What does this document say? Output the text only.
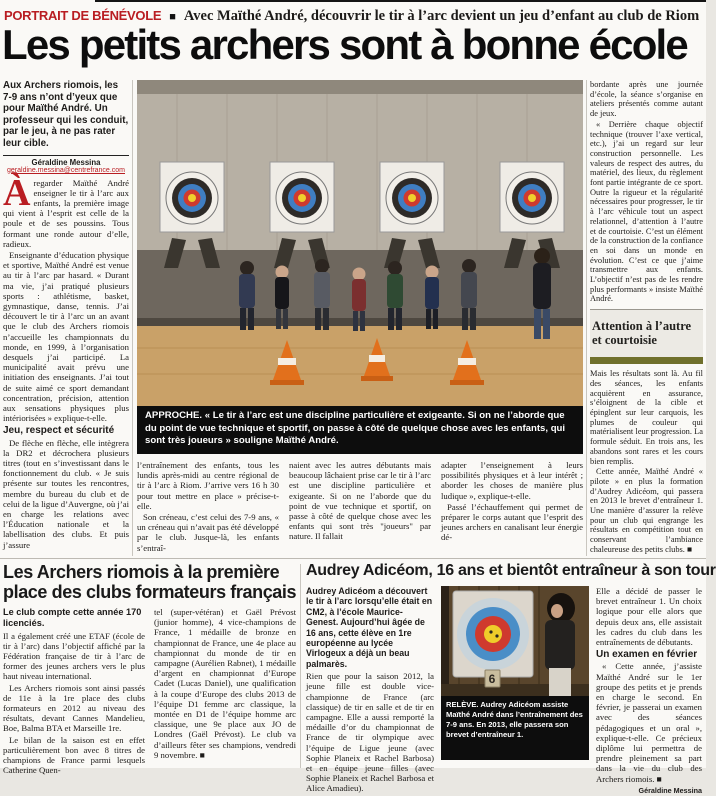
PORTRAIT DE BÉNÉVOLE ■ Avec Maïthé André, découvrir le tir à l’arc devient un jeu d’enfant au club de Riom
Les petits archers sont à bonne école
Aux Archers riomois, les 7-9 ans n’ont d’yeux que pour Maïthé André. Un professeur qui les conduit, par le jeu, à ne pas rater leur cible.
Géraldine Messina
geraldine.messina@centrefrance.com

Àregarder Maïthé André enseigner le tir à l’arc aux enfants, la première image qui vient à l’esprit est celle de la poule et de ses poussins. Tous formant une ronde autour d’elle, radieux.

Enseignante d’éducation physique et sportive, Maïthé André est venue au tir à l’arc par hasard. « Durant ma vie, j’ai pratiqué plusieurs sports : athlétisme, basket, gymnastique, danse, tennis. J’ai découvert le tir à l’arc un an avant que le club des Archers riomois n’accueille les championnats du monde, en 1999, à l’organisation desquels j’ai participé. La municipalité avait prévu une initiation des enseignants. J’ai tout de suite aimé ce sport demandant concentration, précision, attention aux sensations physiques plus intériorisées » explique-t-elle.

Jeu, respect et sécurité

De flèche en flèche, elle intègrera la DR2 et décrochera plusieurs titres (tout en s’investissant dans le fonctionnement du club. « Je suis présente sur toutes les rencontres, membre du bureau du club et de celui de la ligue d’Auvergne, où j’ai en charge les relations avec l’Éducation nationale et la labellisation des clubs. Et puis j’assure

APPROCHE. « Le tir à l’arc est une discipline particulière et exigeante. Si on ne l’aborde que du point de vue technique et sportif, on passe à côté de quelque chose avec les enfants, qui sont très joueurs » souligne Maïthé André.

l’entraînement des enfants, tous les lundis après-midi au centre régional de tir à l’arc à Riom. J’arrive vers 16 h 30 pour tout mettre en place » précise-t-elle.

Son créneau, c’est celui des 7-9 ans, « un créneau qui n’avait pas été développé par le club. Jusque-là, les enfants s’entraî-

naient avec les autres débutants mais beaucoup lâchaient prise car le tir à l’arc est une discipline particulière et exigeante. Si on ne l’aborde que du point de vue technique et sportif, on passe à côté de quelque chose avec les enfants qui sont très "joueurs" par nature. Il fallait

adapter l’enseignement à leurs possibilités physiques et à leur intérêt ; aborder les choses de manière plus ludique », explique-t-elle.

Passé l’échauffement qui permet de préparer le corps autant que l’esprit des jeunes archers en canalisant leur énergie dé-

bordante après une journée d’école, la séance s’organise en ateliers présentés comme autant de jeux.

« Derrière chaque objectif technique (trouver l’axe vertical, etc.), j’ai un regard sur leur construction personnelle. Les valeurs de respect des autres, du matériel, des lieux, du règlement font partie intégrante de ce sport. Outre la rigueur et la régularité nécessaires pour progresser, le tir à l’arc véhicule tout un aspect relationnel, d’attention à l’autre et de courtoisie. C’est un élément de la construction de la confiance en soi dans un monde en évolution. C’est ce que j’aime transmettre aux enfants. L’objectif n’est pas de les rendre plus performants » insiste Maïthé André.

Attention à l’autre et courtoisie

Mais les résultats sont là. Au fil des séances, les enfants acquièrent en assurance, s’éloignent de la cible et épinglent sur leur carquois, les plumes de couleur qui matérialisent leur progression. La formule séduit. En trois ans, les abandons sont rares et les cours bien remplis.

Cette année, Maïthé André « pilote » en plus la formation d’Audrey Adicéom, qui passera en 2013 le brevet d’entraîneur 1. Une manière d’assurer la relève pour un club qui engrange les résultats en compétition tout en conservant l’ambiance chaleureuse des petits clubs. ■

Les Archers riomois à la première place des clubs formateurs français
Le club compte cette année 170 licenciés.

Il a également créé une ETAF (école de tir à l’arc) dans l’objectif affiché par la Fédération française de tir à l’arc de former des jeunes archers vers le plus haut niveau international.

Les Archers riomois sont ainsi passés de 11e à la 1re place des clubs formateurs en 2012 au niveau des résultats, devant Cannes Mandelieu, Boe, Balma BTA et Marseille 1re.

Le bilan de la saison est en effet particulièrement bon avec 8 titres de champions de France parmi lesquels Catherine Quen-

tel (super-vétéran) et Gaël Prévost (junior homme), 4 vice-champions de France, 1 médaille de bronze en championnat de France, une 4e place au championnat du monde de tir en campagne (Aurélien Rabnet), 1 médaille d’argent en championnat d’Europe Cadet (Lucas Daniel), une qualification à la coupe d’Europe des clubs 2013 de l’équipe D1 femme arc classique, la montée en D1 de l’équipe homme arc classique, une 9e place aux JO de Londres (Gaël Prévost). Le club va d’ailleurs fêter ses champions, vendredi 9 novembre. ■

Audrey Adicéom, 16 ans et bientôt entraîneur à son tour
Audrey Adicéom a découvert le tir à l’arc lorsqu’elle était en CM2, à l’école Maurice-Genest. Aujourd’hui âgée de 16 ans, cette élève en 1re européenne au lycée Virlogeux a déjà un beau palmarès.

Rien que pour la saison 2012, la jeune fille est double vice-championne de France (arc classique) de tir en salle et de tir en campagne. Elle a aussi remporté la médaille d’or du championnat de France de tir olympique avec l’équipe de Ligue jeune (avec Sophie Planeix et Rachel Barbosa) et en équipe jeune filles (avec Sophie Planeix et Rachel Barbosa et Alice Amadieu).

6
RELÈVE. Audrey Adicéom assiste Maïthé André dans l’entraînement des 7-9 ans. En 2013, elle passera son brevet d’entraîneur 1.

Elle a décidé de passer le brevet entraîneur 1. Un choix logique pour elle alors que depuis deux ans, elle assistait les cadres du club dans les entraînements de débutants.

Un examen en février

« Cette année, j’assiste Maïthé André sur le 1er groupe des petits et je prends en charge le second. En février, je passerai un examen avec des séances pédagogiques et un oral », explique-t-elle. Ce précieux diplôme lui permettra de prendre pleinement sa part dans la vie du club des Archers riomois. ■

Géraldine Messina
